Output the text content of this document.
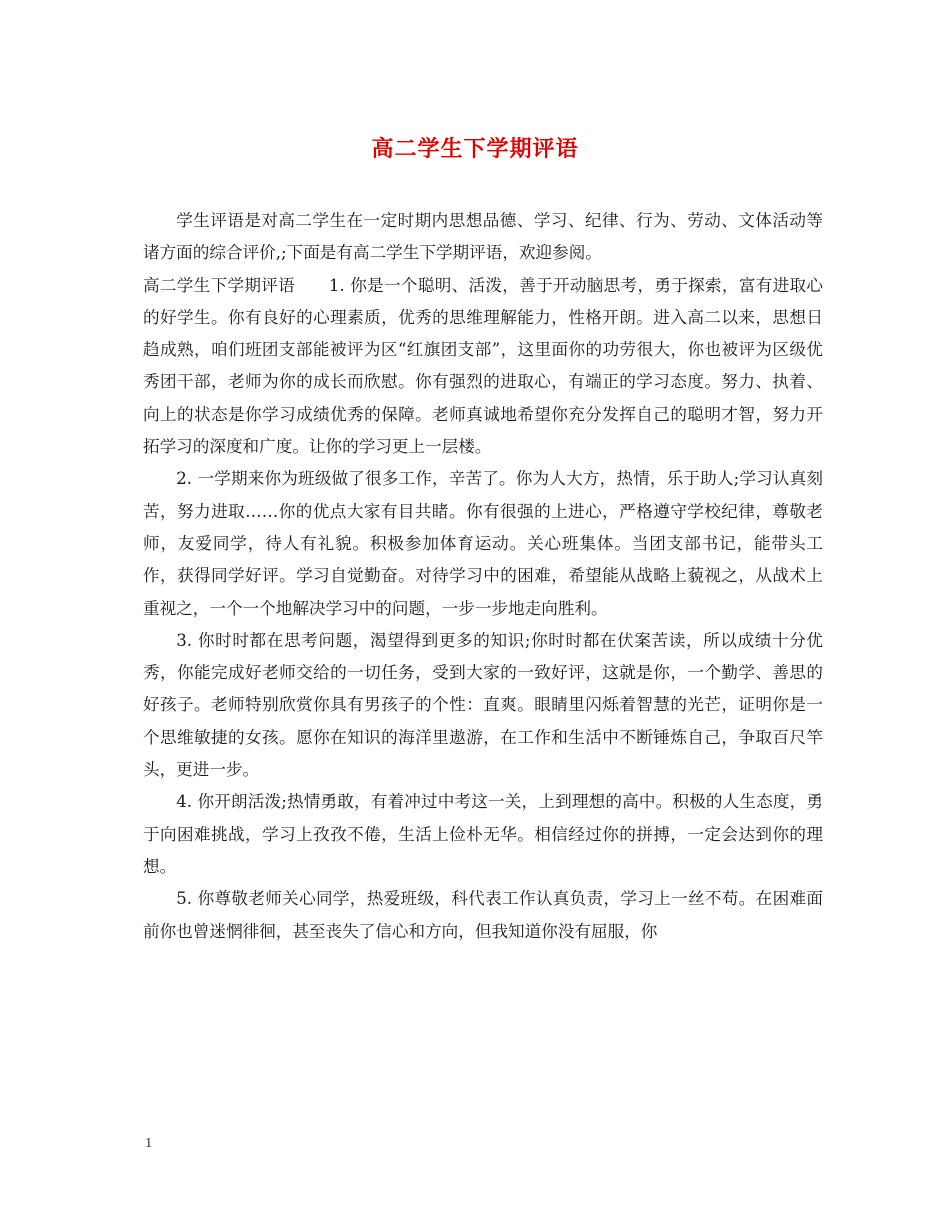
高二学生下学期评语

学生评语是对高二学生在一定时期内思想品德、学习、纪律、行为、劳动、文体活动等诸方面的综合评价,;下面是有高二学生下学期评语，欢迎参阅。

高二学生下学期评语　　1. 你是一个聪明、活泼，善于开动脑思考，勇于探索，富有进取心的好学生。你有良好的心理素质，优秀的思维理解能力，性格开朗。进入高二以来，思想日趋成熟，咱们班团支部能被评为区“红旗团支部”，这里面你的功劳很大，你也被评为区级优秀团干部，老师为你的成长而欣慰。你有强烈的进取心，有端正的学习态度。努力、执着、向上的状态是你学习成绩优秀的保障。老师真诚地希望你充分发挥自己的聪明才智，努力开拓学习的深度和广度。让你的学习更上一层楼。

2. 一学期来你为班级做了很多工作，辛苦了。你为人大方，热情，乐于助人;学习认真刻苦，努力进取……你的优点大家有目共睹。你有很强的上进心，严格遵守学校纪律，尊敬老师，友爱同学，待人有礼貌。积极参加体育运动。关心班集体。当团支部书记，能带头工作，获得同学好评。学习自觉勤奋。对待学习中的困难，希望能从战略上藐视之，从战术上重视之，一个一个地解决学习中的问题，一步一步地走向胜利。

3. 你时时都在思考问题，渴望得到更多的知识;你时时都在伏案苦读，所以成绩十分优秀，你能完成好老师交给的一切任务，受到大家的一致好评，这就是你，一个勤学、善思的好孩子。老师特别欣赏你具有男孩子的个性：直爽。眼睛里闪烁着智慧的光芒，证明你是一个思维敏捷的女孩。愿你在知识的海洋里遨游，在工作和生活中不断锤炼自己，争取百尺竿头，更进一步。

4. 你开朗活泼;热情勇敢，有着冲过中考这一关，上到理想的高中。积极的人生态度，勇于向困难挑战，学习上孜孜不倦，生活上俭朴无华。相信经过你的拼搏，一定会达到你的理想。

5. 你尊敬老师关心同学，热爱班级，科代表工作认真负责，学习上一丝不苟。在困难面前你也曾迷惘徘徊，甚至丧失了信心和方向，但我知道你没有屈服，你

1
